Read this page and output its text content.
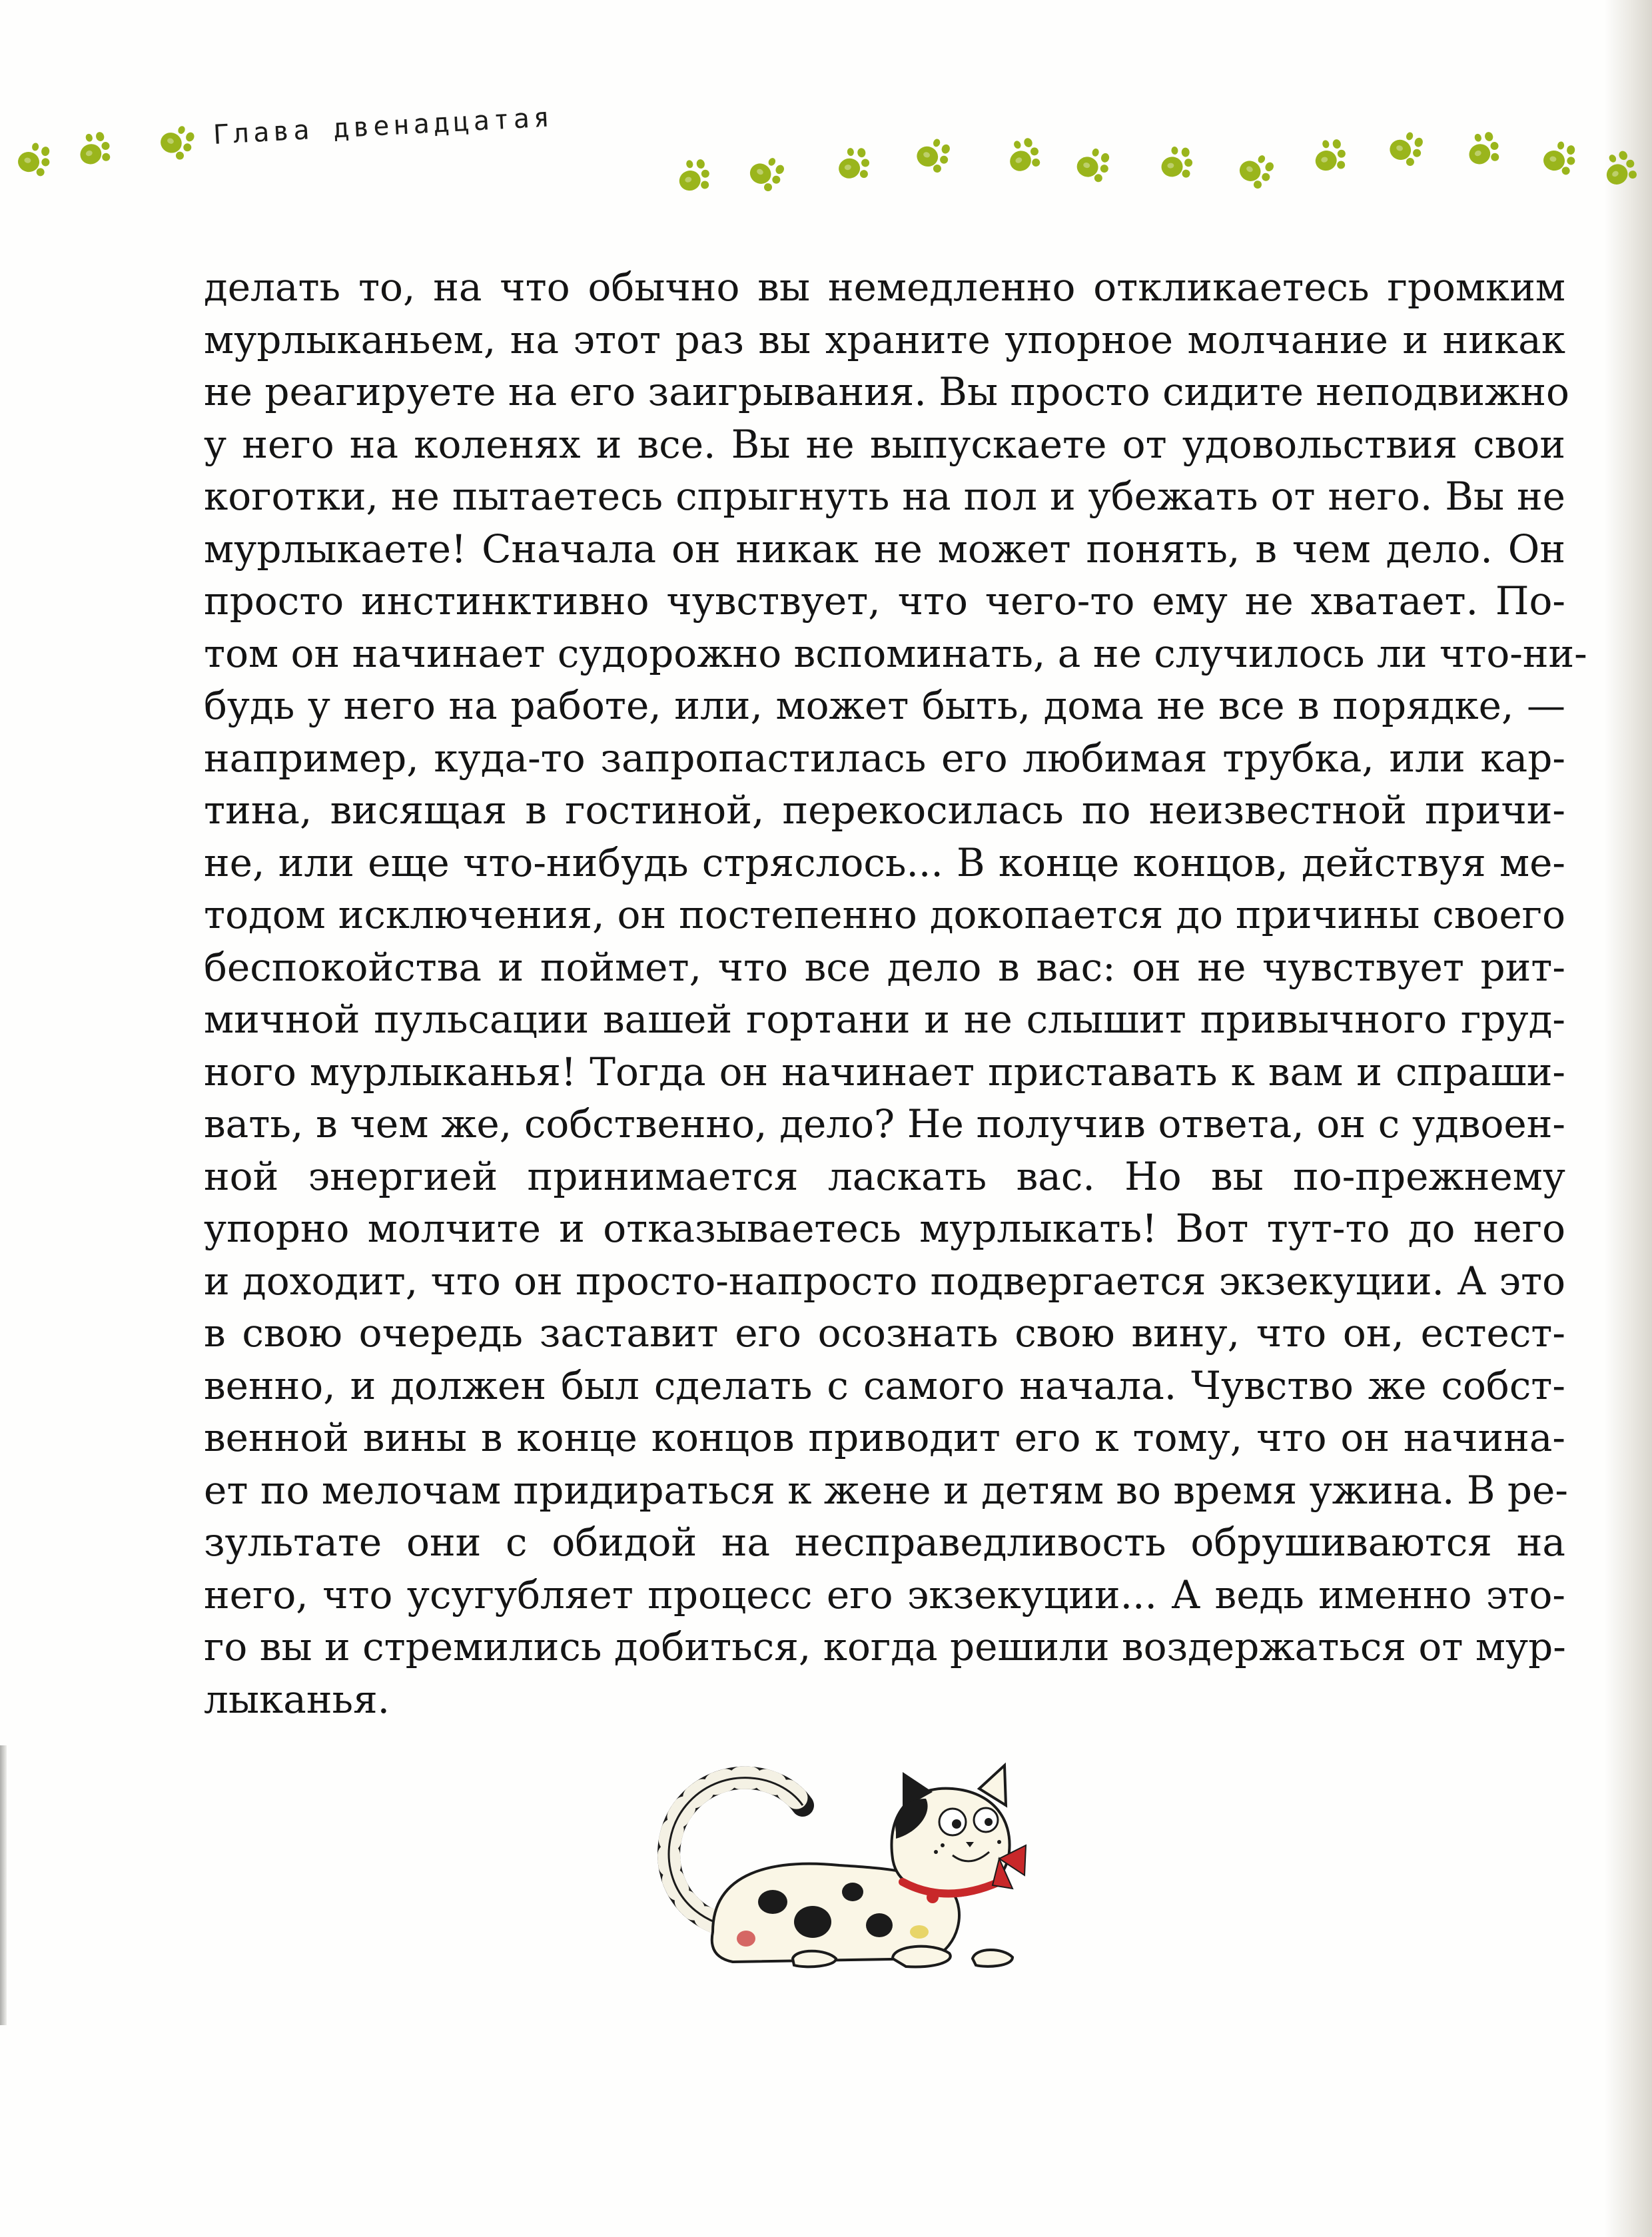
Глава двенадцатая
делать то, на что обычно вы немедленно откликаетесь громким
мурлыканьем, на этот раз вы храните упорное молчание и никак
не реагируете на его заигрывания. Вы просто сидите неподвижно
у него на коленях и все. Вы не выпускаете от удовольствия свои
коготки, не пытаетесь спрыгнуть на пол и убежать от него. Вы не
мурлыкаете! Сначала он никак не может понять, в чем дело. Он
просто инстинктивно чувствует, что чего-то ему не хватает. По-
том он начинает судорожно вспоминать, а не случилось ли что-ни-
будь у него на работе, или, может быть, дома не все в порядке, —
например, куда-то запропастилась его любимая трубка, или кар-
тина, висящая в гостиной, перекосилась по неизвестной причи-
не, или еще что-нибудь стряслось... В конце концов, действуя ме-
тодом исключения, он постепенно докопается до причины своего
беспокойства и поймет, что все дело в вас: он не чувствует рит-
мичной пульсации вашей гортани и не слышит привычного груд-
ного мурлыканья! Тогда он начинает приставать к вам и спраши-
вать, в чем же, собственно, дело? Не получив ответа, он с удвоен-
ной энергией принимается ласкать вас. Но вы по-прежнему
упорно молчите и отказываетесь мурлыкать! Вот тут-то до него
и доходит, что он просто-напросто подвергается экзекуции. А это
в свою очередь заставит его осознать свою вину, что он, естест-
венно, и должен был сделать с самого начала. Чувство же собст-
венной вины в конце концов приводит его к тому, что он начина-
ет по мелочам придираться к жене и детям во время ужина. В ре-
зультате они с обидой на несправедливость обрушиваются на
него, что усугубляет процесс его экзекуции... А ведь именно это-
го вы и стремились добиться, когда решили воздержаться от мур-
лыканья.
